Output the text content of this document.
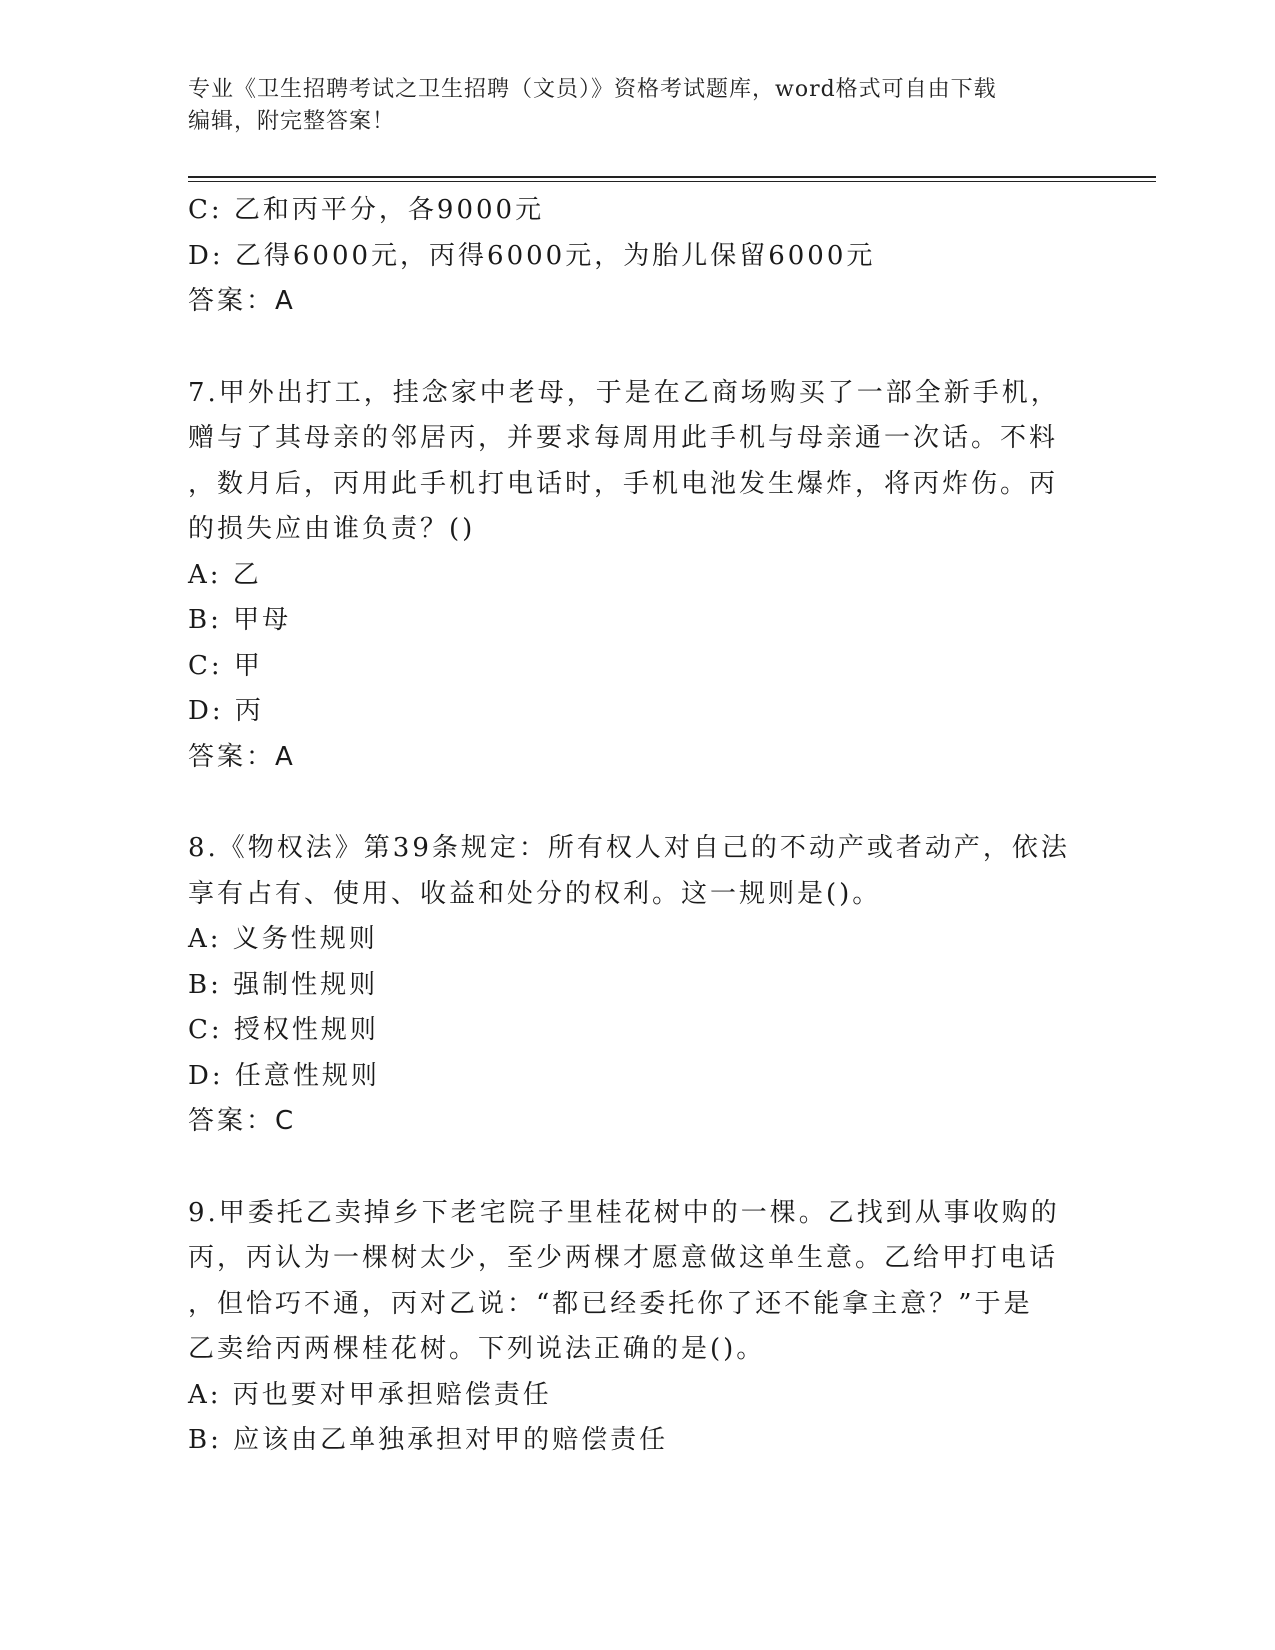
专业《卫生招聘考试之卫生招聘（文员）》资格考试题库，word格式可自由下载
编辑，附完整答案！
C: 乙和丙平分，各9000元
D: 乙得6000元，丙得6000元，为胎儿保留6000元
答案：A
7.甲外出打工，挂念家中老母，于是在乙商场购买了一部全新手机，
赠与了其母亲的邻居丙，并要求每周用此手机与母亲通一次话。不料
，数月后，丙用此手机打电话时，手机电池发生爆炸，将丙炸伤。丙
的损失应由谁负责？()
A: 乙
B: 甲母
C: 甲
D: 丙
答案：A
8.《物权法》第39条规定：所有权人对自己的不动产或者动产，依法
享有占有、使用、收益和处分的权利。这一规则是()。
A: 义务性规则
B: 强制性规则
C: 授权性规则
D: 任意性规则
答案：C
9.甲委托乙卖掉乡下老宅院子里桂花树中的一棵。乙找到从事收购的
丙，丙认为一棵树太少，至少两棵才愿意做这单生意。乙给甲打电话
，但恰巧不通，丙对乙说：“都已经委托你了还不能拿主意？”于是
乙卖给丙两棵桂花树。下列说法正确的是()。
A: 丙也要对甲承担赔偿责任
B: 应该由乙单独承担对甲的赔偿责任
